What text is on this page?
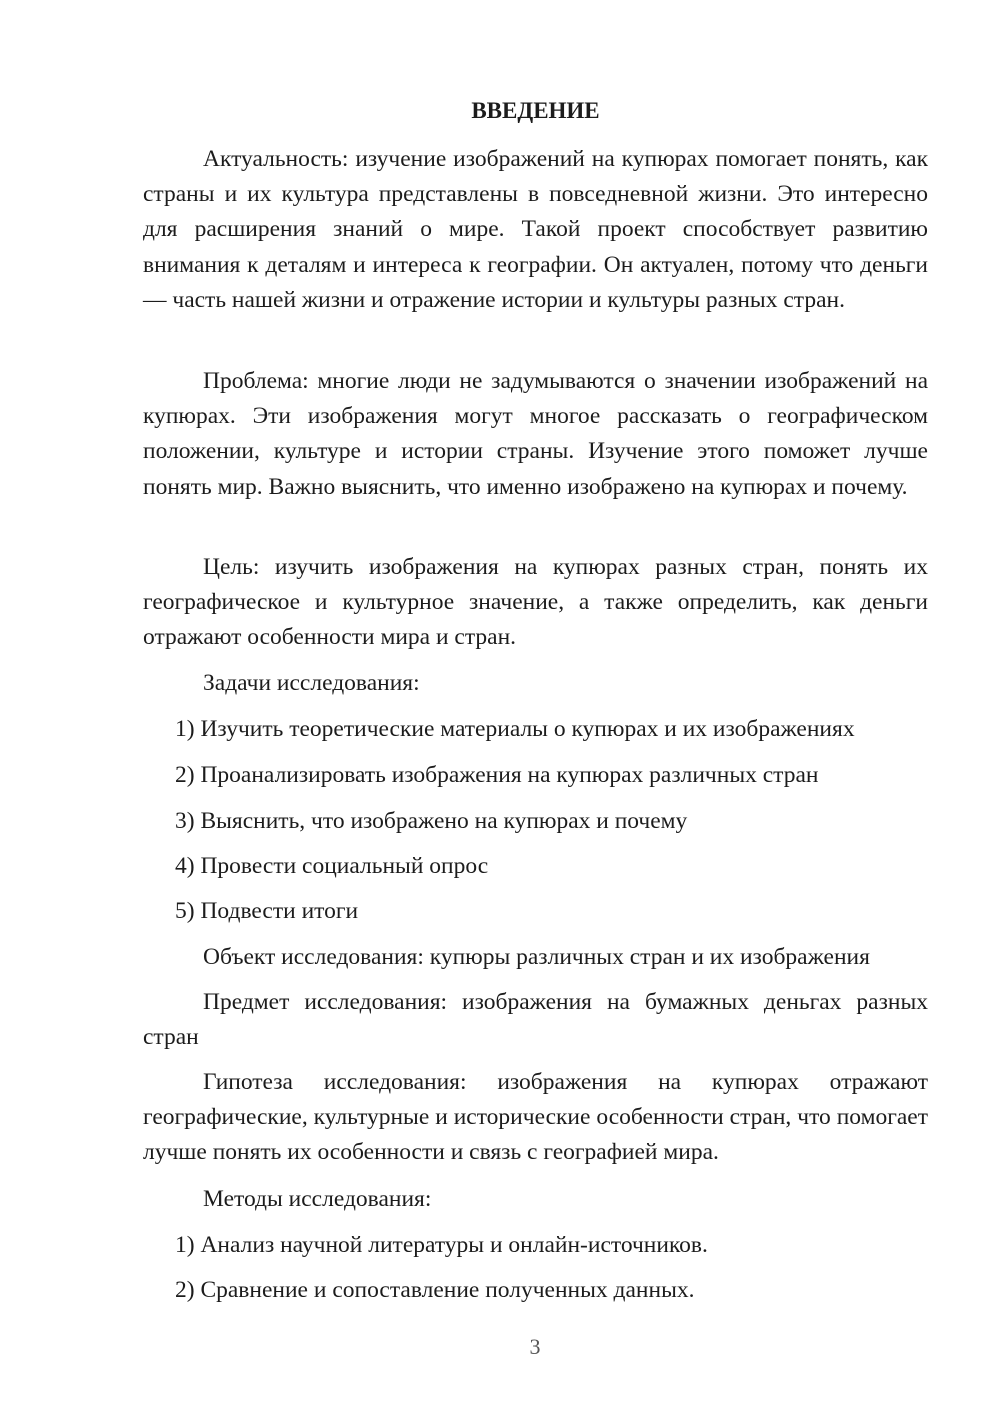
ВВЕДЕНИЕ

Актуальность: изучение изображений на купюрах помогает понять, как страны и их культура представлены в повседневной жизни. Это интересно для расширения знаний о мире. Такой проект способствует развитию внимания к деталям и интереса к географии. Он актуален, потому что деньги — часть нашей жизни и отражение истории и культуры разных стран.

Проблема: многие люди не задумываются о значении изображений на купюрах. Эти изображения могут многое рассказать о географическом положении, культуре и истории страны. Изучение этого поможет лучше понять мир. Важно выяснить, что именно изображено на купюрах и почему.

Цель: изучить изображения на купюрах разных стран, понять их географическое и культурное значение, а также определить, как деньги отражают особенности мира и стран.

Задачи исследования:

1) Изучить теоретические материалы о купюрах и их изображениях

2) Проанализировать изображения на купюрах различных стран

3) Выяснить, что изображено на купюрах и почему

4) Провести социальный опрос

5) Подвести итоги

Объект исследования: купюры различных стран и их изображения

Предмет исследования: изображения на бумажных деньгах разных стран

Гипотеза исследования: изображения на купюрах отражают географические, культурные и исторические особенности стран, что помогает лучше понять их особенности и связь с географией мира.

Методы исследования:

1) Анализ научной литературы и онлайн-источников.

2) Сравнение и сопоставление полученных данных.

3
